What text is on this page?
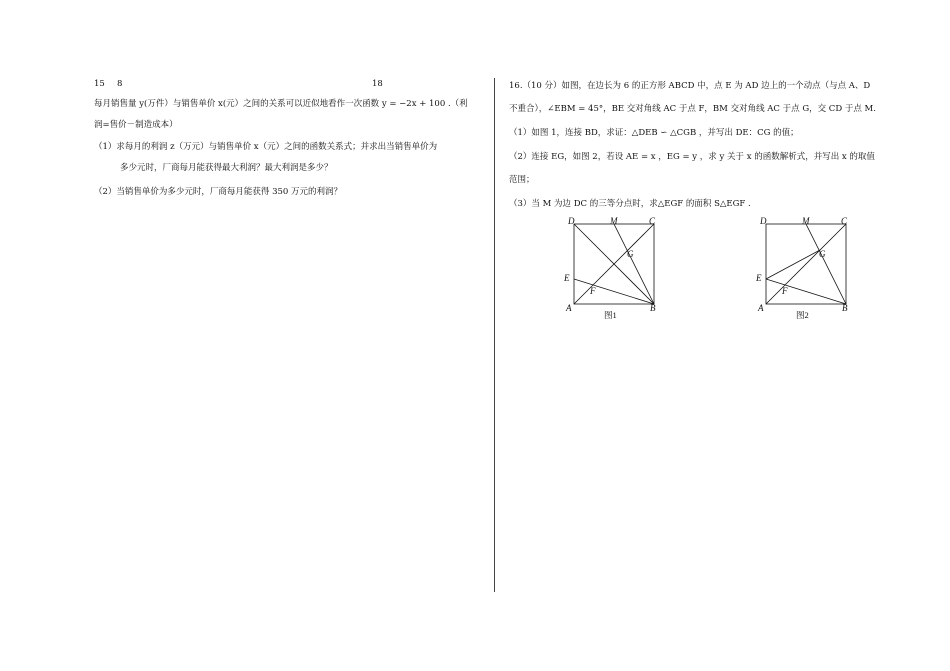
15 8	18
每月销售量 y(万件）与销售单价 x(元）之间的关系可以近似地看作一次函数 y = −2x + 100 .（利
润=售价－制造成本）
（1）求每月的利润 z（万元）与销售单价 x（元）之间的函数关系式；并求出当销售单价为
多少元时，厂商每月能获得最大利润？最大利润是多少？
（2）当销售单价为多少元时，厂商每月能获得 350 万元的利润？
16.（10 分）如图，在边长为 6 的正方形 ABCD 中，点 E 为 AD 边上的一个动点（与点 A、D
不重合），∠EBM = 45°，BE 交对角线 AC 于点 F，BM 交对角线 AC 于点 G，交 CD 于点 M.
（1）如图 1，连接 BD，求证：△DEB ∽ △CGB ，并写出 DE：CG 的值；
（2）连接 EG，如图 2，若设 AE = x ，EG = y ，求 y 关于 x 的函数解析式，并写出 x 的取值
范围；
（3）当 M 为边 DC 的三等分点时，求△EGF 的面积 S△EGF .
D	M	C
G
E
F
A	B
图1
D	M	C
G
E
F
A	B
图2
